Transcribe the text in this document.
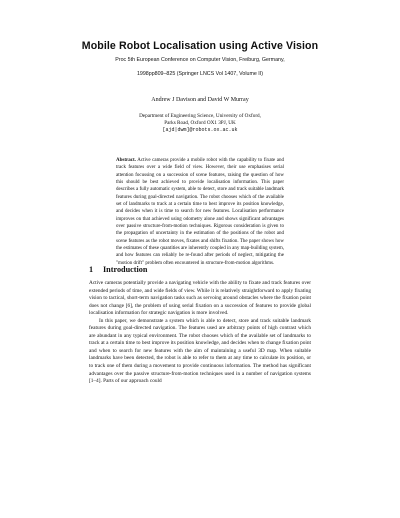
Mobile Robot Localisation using Active Vision
Proc 5th European Conference on Computer Vision, Freiburg, Germany,
1998pp809–825 (Springer LNCS Vol 1407, Volume II)
Andrew J Davison and David W Murray
Department of Engineering Science, University of Oxford,
Parks Road, Oxford OX1 3PJ, UK
[ajd|dwm]@robots.ox.ac.uk
Abstract. Active cameras provide a mobile robot with the capability to fixate and track features over a wide field of view. However, their use emphasises serial attention focussing on a succession of scene features, raising the question of how this should be best achieved to provide localisation information. This paper describes a fully automatic system, able to detect, store and track suitable landmark features during goal-directed navigation. The robot chooses which of the available set of landmarks to track at a certain time to best improve its position knowledge, and decides when it is time to search for new features. Localisation performance improves on that achieved using odometry alone and shows significant advantages over passive structure-from-motion techniques. Rigorous consideration is given to the propagation of uncertainty in the estimation of the positions of the robot and scene features as the robot moves, fixates and shifts fixation. The paper shows how the estimates of these quantities are inherently coupled in any map-building system, and how features can reliably be re-found after periods of neglect, mitigating the "motion drift" problem often encountered in structure-from-motion algorithms.
1 Introduction

Active cameras potentially provide a navigating vehicle with the ability to fixate and track features over extended periods of time, and wide fields of view. While it is relatively straightforward to apply fixating vision to tactical, short-term navigation tasks such as servoing around obstacles where the fixation point does not change [6], the problem of using serial fixation on a succession of features to provide global localisation information for strategic navigation is more involved.

In this paper, we demonstrate a system which is able to detect, store and track suitable landmark features during goal-directed navigation. The features used are arbitrary points of high contrast which are abundant in any typical environment. The robot chooses which of the available set of landmarks to track at a certain time to best improve its position knowledge, and decides when to change fixation point and when to search for new features with the aim of maintaining a useful 3D map. When suitable landmarks have been detected, the robot is able to refer to them at any time to calculate its position, or to track one of them during a movement to provide continuous information. The method has significant advantages over the passive structure-from-motion techniques used in a number of navigation systems [1–4]. Parts of our approach could
